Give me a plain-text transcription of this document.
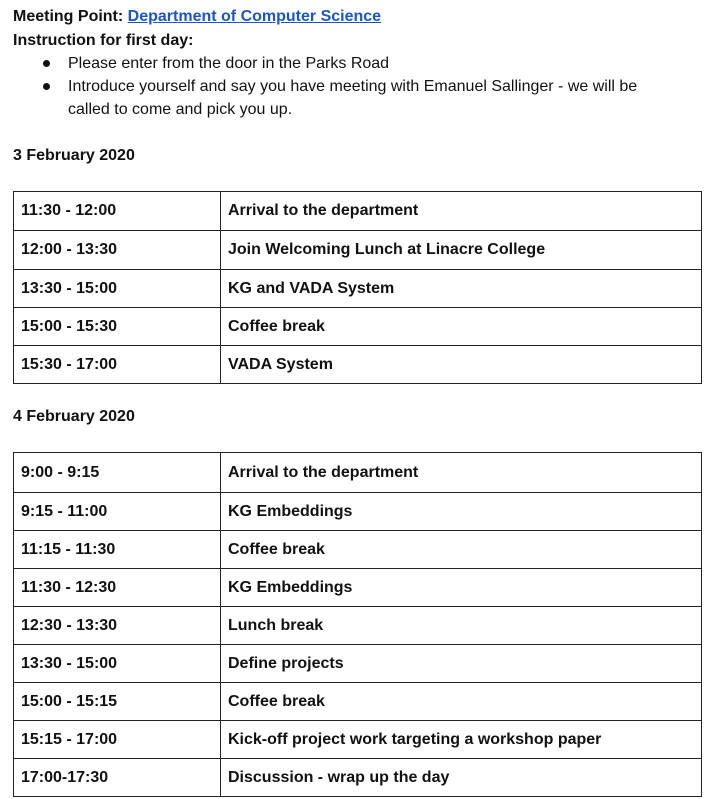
Meeting Point: Department of Computer Science
Instruction for first day:
Please enter from the door in the Parks Road
Introduce yourself and say you have meeting with Emanuel Sallinger - we will be called to come and pick you up.
3 February 2020
11:30 - 12:00	Arrival to the department
12:00 - 13:30	Join Welcoming Lunch at Linacre College
13:30 - 15:00	KG and VADA System
15:00 - 15:30	Coffee break
15:30 - 17:00	VADA System
4 February 2020
9:00 - 9:15	Arrival to the department
9:15 - 11:00	KG Embeddings
11:15 - 11:30	Coffee break
11:30 - 12:30	KG Embeddings
12:30 - 13:30	Lunch break
13:30 - 15:00	Define projects
15:00 - 15:15	Coffee break
15:15 - 17:00	Kick-off project work targeting a workshop paper
17:00-17:30	Discussion - wrap up the day
